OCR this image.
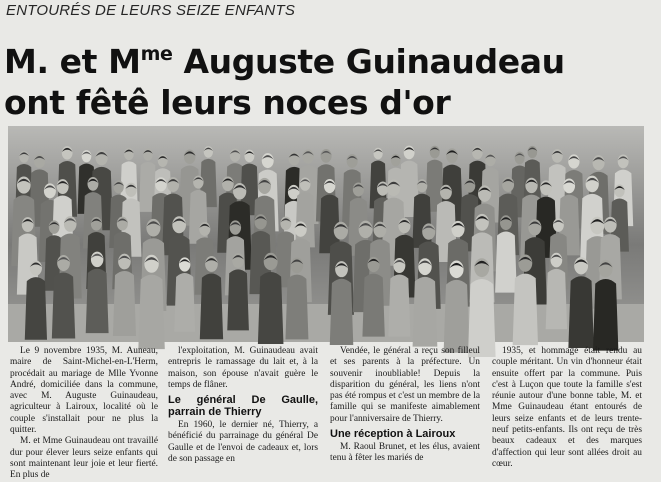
ENTOURÉS DE LEURS SEIZE ENFANTS

M. et $M^{me}$ Auguste Guinaudeau
ont fêtê leurs noces d'or

Le 9 novembre 1935, M. Auneau, maire de Saint-Michel-en-L'Herm, procédait au mariage de Mlle Yvonne André, domiciliée dans la commune, avec M. Auguste Guinaudeau, agriculteur à Lairoux, localité où le couple s'installait pour ne plus la quitter.

M. et Mme Guinaudeau ont travaillé dur pour élever leurs seize enfants qui sont maintenant leur joie et leur fierté. En plus de

l'exploitation, M. Guinaudeau avait entrepris le ramassage du lait et, à la maison, son épouse n'avait guère le temps de flâner.

Le général De Gaulle, parrain de Thierry

En 1960, le dernier né, Thierry, a bénéficié du parrainage du général De Gaulle et de l'envoi de cadeaux et, lors de son passage en

Vendée, le général a reçu son filleul et ses parents à la préfecture. Un souvenir inoubliable! Depuis la disparition du général, les liens n'ont pas été rompus et c'est un membre de la famille qui se manifeste aimablement pour l'anniversaire de Thierry.

Une réception à Lairoux

M. Raoul Brunet, et les élus, avaient tenu à fêter les mariés de

1935, et hommage était rendu au couple méritant. Un vin d'honneur était ensuite offert par la commune. Puis c'est à Luçon que toute la famille s'est réunie autour d'une bonne table, M. et Mme Guinaudeau étant entourés de leurs seize enfants et de leurs trente-neuf petits-enfants. Ils ont reçu de très beaux cadeaux et des marques d'affection qui leur sont allées droit au cœur.
